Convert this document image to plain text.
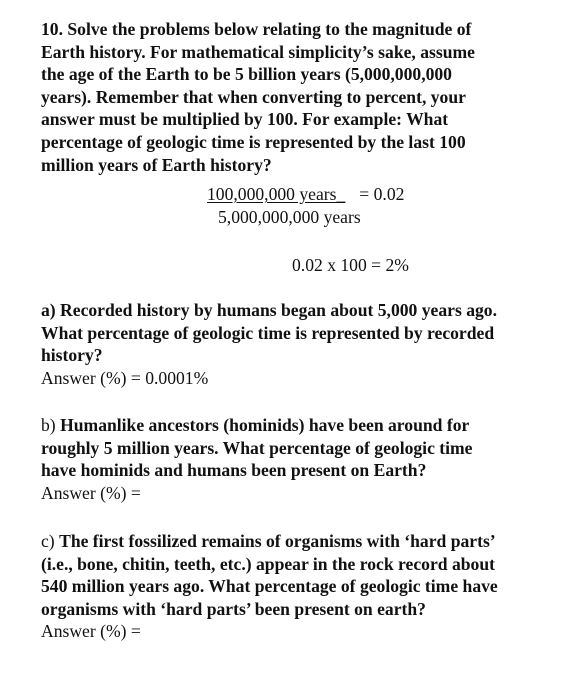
10. Solve the problems below relating to the magnitude of
Earth history. For mathematical simplicity’s sake, assume
the age of the Earth to be 5 billion years (5,000,000,000
years). Remember that when converting to percent, your
answer must be multiplied by 100. For example: What
percentage of geologic time is represented by the last 100
million years of Earth history?
100,000,000 years_ = 0.02
5,000,000,000 years
0.02 x 100 = 2%
a) Recorded history by humans began about 5,000 years ago.
What percentage of geologic time is represented by recorded
history?
Answer (%) = 0.0001%
b) Humanlike ancestors (hominids) have been around for
roughly 5 million years. What percentage of geologic time
have hominids and humans been present on Earth?
Answer (%) =
c) The first fossilized remains of organisms with ‘hard parts’
(i.e., bone, chitin, teeth, etc.) appear in the rock record about
540 million years ago. What percentage of geologic time have
organisms with ‘hard parts’ been present on earth?
Answer (%) =
